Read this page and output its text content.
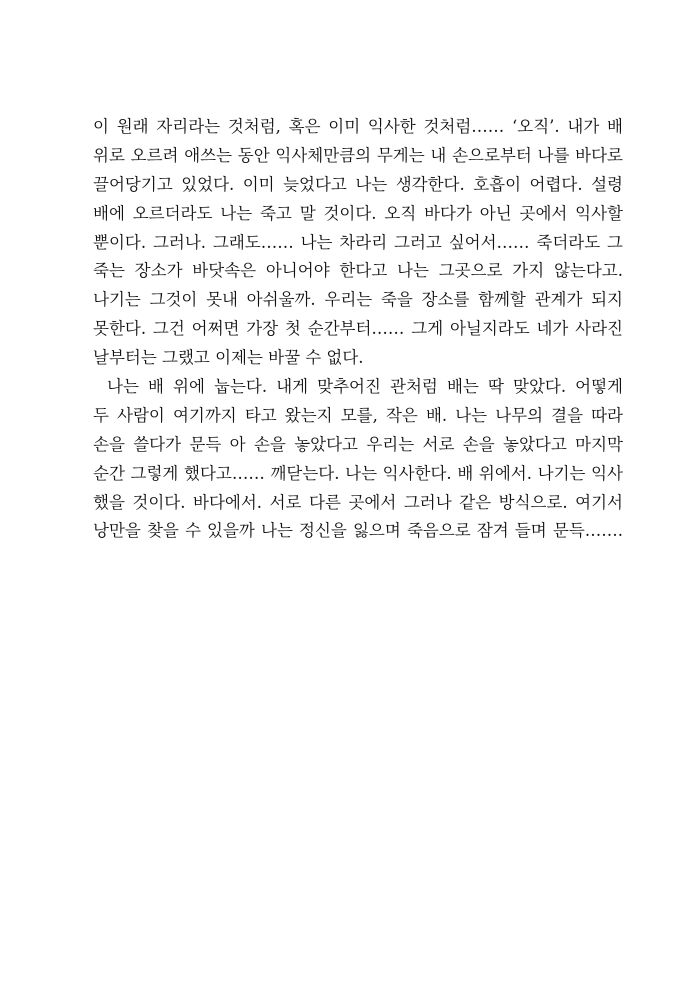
이 원래 자리라는 것처럼, 혹은 이미 익사한 것처럼…… ‘오직’. 내가 배
위로 오르려 애쓰는 동안 익사체만큼의 무게는 내 손으로부터 나를 바다로
끌어당기고 있었다. 이미 늦었다고 나는 생각한다. 호흡이 어렵다. 설령
배에 오르더라도 나는 죽고 말 것이다. 오직 바다가 아닌 곳에서 익사할
뿐이다. 그러나. 그래도…… 나는 차라리 그러고 싶어서…… 죽더라도 그
죽는 장소가 바닷속은 아니어야 한다고 나는 그곳으로 가지 않는다고.
나기는 그것이 못내 아쉬울까. 우리는 죽을 장소를 함께할 관계가 되지
못한다. 그건 어쩌면 가장 첫 순간부터…… 그게 아닐지라도 네가 사라진
날부터는 그랬고 이제는 바꿀 수 없다.
나는 배 위에 눕는다. 내게 맞추어진 관처럼 배는 딱 맞았다. 어떻게
두 사람이 여기까지 타고 왔는지 모를, 작은 배. 나는 나무의 결을 따라
손을 쓸다가 문득 아 손을 놓았다고 우리는 서로 손을 놓았다고 마지막
순간 그렇게 했다고…… 깨닫는다. 나는 익사한다. 배 위에서. 나기는 익사
했을 것이다. 바다에서. 서로 다른 곳에서 그러나 같은 방식으로. 여기서
낭만을 찾을 수 있을까 나는 정신을 잃으며 죽음으로 잠겨 들며 문득…….
